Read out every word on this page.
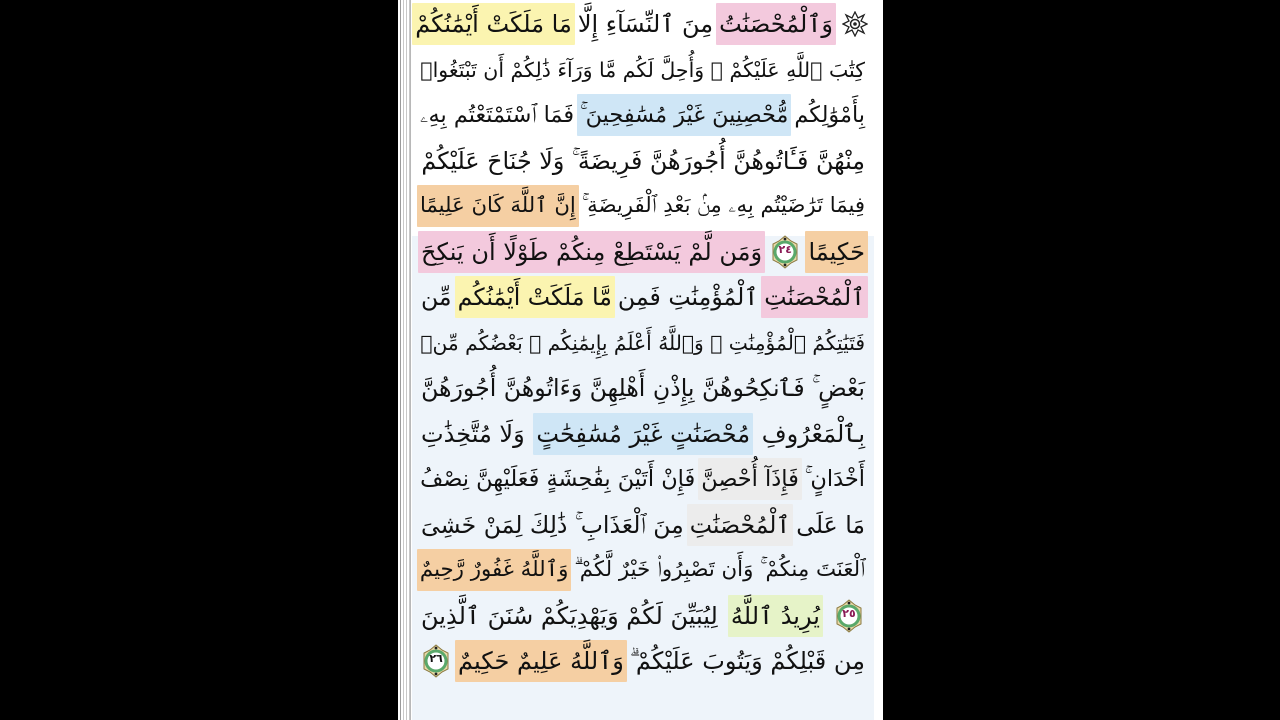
وَٱلْمُحْصَنَٰتُ
مِنَ ٱلنِّسَآءِ إِلَّا
مَا مَلَكَتْ أَيْمَٰنُكُمْ
كِتَٰبَ ٱللَّهِ عَلَيْكُمْ ۚ وَأُحِلَّ لَكُم مَّا وَرَآءَ ذَٰلِكُمْ أَن تَبْتَغُوا۟
بِأَمْوَٰلِكُم
مُّحْصِنِينَ غَيْرَ مُسَٰفِحِينَ ۚ
فَمَا ٱسْتَمْتَعْتُم بِهِۦ
مِنْهُنَّ فَـَٔاتُوهُنَّ أُجُورَهُنَّ فَرِيضَةً ۚ وَلَا جُنَاحَ عَلَيْكُمْ
فِيمَا تَرَٰضَيْتُم بِهِۦ مِنۢ بَعْدِ ٱلْفَرِيضَةِ ۚ
إِنَّ ٱللَّهَ كَانَ عَلِيمًا
حَكِيمًا
٢٤
وَمَن لَّمْ يَسْتَطِعْ مِنكُمْ طَوْلًا أَن يَنكِحَ
ٱلْمُحْصَنَٰتِ
ٱلْمُؤْمِنَٰتِ فَمِن
مَّا مَلَكَتْ أَيْمَٰنُكُم
مِّن
فَتَيَٰتِكُمُ ٱلْمُؤْمِنَٰتِ ۚ وَٱللَّهُ أَعْلَمُ بِإِيمَٰنِكُم ۚ بَعْضُكُم مِّنۢ
بَعْضٍ ۚ فَٱنكِحُوهُنَّ بِإِذْنِ أَهْلِهِنَّ وَءَاتُوهُنَّ أُجُورَهُنَّ
بِٱلْمَعْرُوفِ
مُحْصَنَٰتٍ غَيْرَ مُسَٰفِحَٰتٍ
وَلَا مُتَّخِذَٰتِ
أَخْدَانٍ ۚ
فَإِذَآ أُحْصِنَّ
فَإِنْ أَتَيْنَ بِفَٰحِشَةٍ فَعَلَيْهِنَّ نِصْفُ
مَا عَلَى
ٱلْمُحْصَنَٰتِ
مِنَ ٱلْعَذَابِ ۚ ذَٰلِكَ لِمَنْ خَشِىَ
ٱلْعَنَتَ مِنكُمْ ۚ وَأَن تَصْبِرُوا۟ خَيْرٌ لَّكُمْ ۗ
وَٱللَّهُ غَفُورٌ رَّحِيمٌ
٢٥
يُرِيدُ ٱللَّهُ
لِيُبَيِّنَ لَكُمْ وَيَهْدِيَكُمْ سُنَنَ ٱلَّذِينَ
مِن قَبْلِكُمْ وَيَتُوبَ عَلَيْكُمْ ۗ
وَٱللَّهُ عَلِيمٌ حَكِيمٌ
٢٦
